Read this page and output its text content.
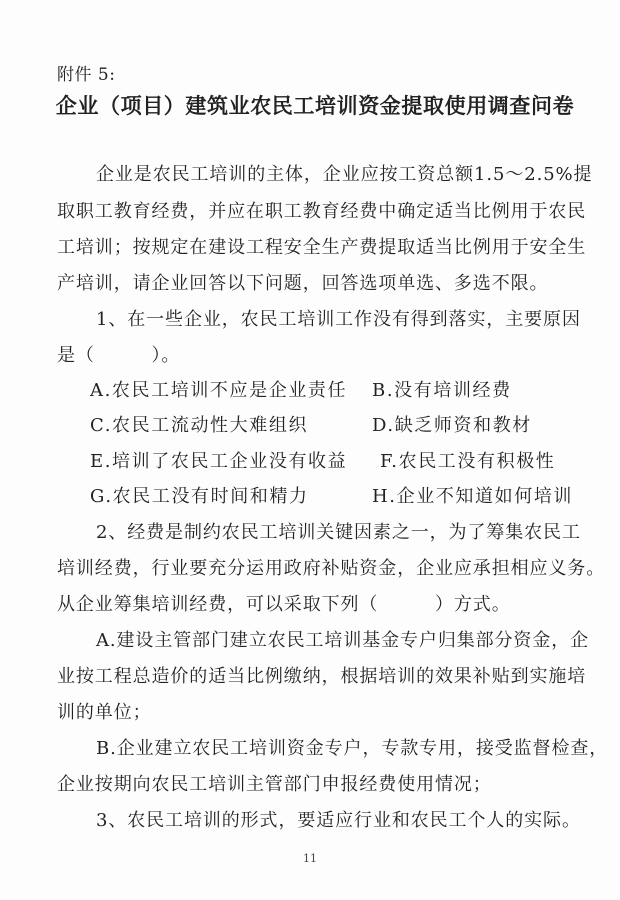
附件 5:
企业（项目）建筑业农民工培训资金提取使用调查问卷
企业是农民工培训的主体，企业应按工资总额1.5～2.5%提
取职工教育经费，并应在职工教育经费中确定适当比例用于农民
工培训；按规定在建设工程安全生产费提取适当比例用于安全生
产培训，请企业回答以下问题，回答选项单选、多选不限。
1、在一些企业，农民工培训工作没有得到落实，主要原因
是（　　　）。
A.农民工培训不应是企业责任 B.没有培训经费
C.农民工流动性大难组织	D.缺乏师资和教材
E.培训了农民工企业没有收益 F.农民工没有积极性
G.农民工没有时间和精力	H.企业不知道如何培训
2、经费是制约农民工培训关键因素之一，为了筹集农民工
培训经费，行业要充分运用政府补贴资金，企业应承担相应义务。
从企业筹集培训经费，可以采取下列（　　　）方式。
A.建设主管部门建立农民工培训基金专户归集部分资金，企
业按工程总造价的适当比例缴纳，根据培训的效果补贴到实施培
训的单位；
B.企业建立农民工培训资金专户，专款专用，接受监督检查，
企业按期向农民工培训主管部门申报经费使用情况；
3、农民工培训的形式，要适应行业和农民工个人的实际。
11
